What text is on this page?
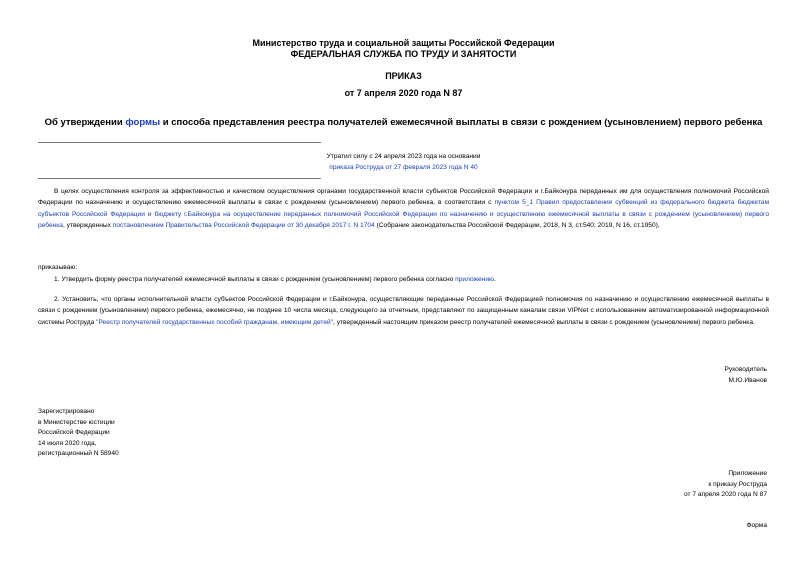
Министерство труда и социальной защиты Российской Федерации
ФЕДЕРАЛЬНАЯ СЛУЖБА ПО ТРУДУ И ЗАНЯТОСТИ
ПРИКАЗ
от 7 апреля 2020 года N 87
Об утверждении формы и способа представления реестра получателей ежемесячной выплаты в связи с рождением (усыновлением) первого ребенка
Утратил силу с 24 апреля 2023 года на основании
приказа Роструда от 27 февраля 2023 года N 40
В целях осуществления контроля за эффективностью и качеством осуществления органами государственной власти субъектов Российской Федерации и г.Байконура переданных им для осуществления полномочий Российской Федерации по назначению и осуществлению ежемесячной выплаты в связи с рождением (усыновлением) первого ребенка, в соответствии с пунктом 5_1 Правил предоставления субвенций из федерального бюджета бюджетам субъектов Российской Федерации и бюджету г.Байконура на осуществление переданных полномочий Российской Федерации по назначению и осуществлению ежемесячной выплаты в связи с рождением (усыновлением) первого ребенка, утвержденных постановлением Правительства Российской Федерации от 30 декабря 2017 г. N 1704 (Собрание законодательства Российской Федерации, 2018, N 3, ст.540; 2019, N 16, ст.1950),
приказываю:
1. Утвердить форму реестра получателей ежемесячной выплаты в связи с рождением (усыновлением) первого ребенка согласно приложению.
2. Установить, что органы исполнительной власти субъектов Российской Федерации и г.Байконура, осуществляющие переданные Российской Федерацией полномочия по назначению и осуществлению ежемесячной выплаты в связи с рождением (усыновлением) первого ребенка, ежемесячно, не позднее 10 числа месяца, следующего за отчетным, представляют по защищенным каналам связи VIPNet с использованием автоматизированной информационной системы Роструда "Реестр получателей государственных пособий гражданам, имеющим детей", утвержденный настоящим приказом реестр получателей ежемесячной выплаты в связи с рождением (усыновлением) первого ребенка.
Руководитель
М.Ю.Иванов
Зарегистрировано
в Министерстве юстиции
Российской Федерации
14 июля 2020 года,
регистрационный N 58940
Приложение
к приказу Роструда
от 7 апреля 2020 года N 87
Форма
